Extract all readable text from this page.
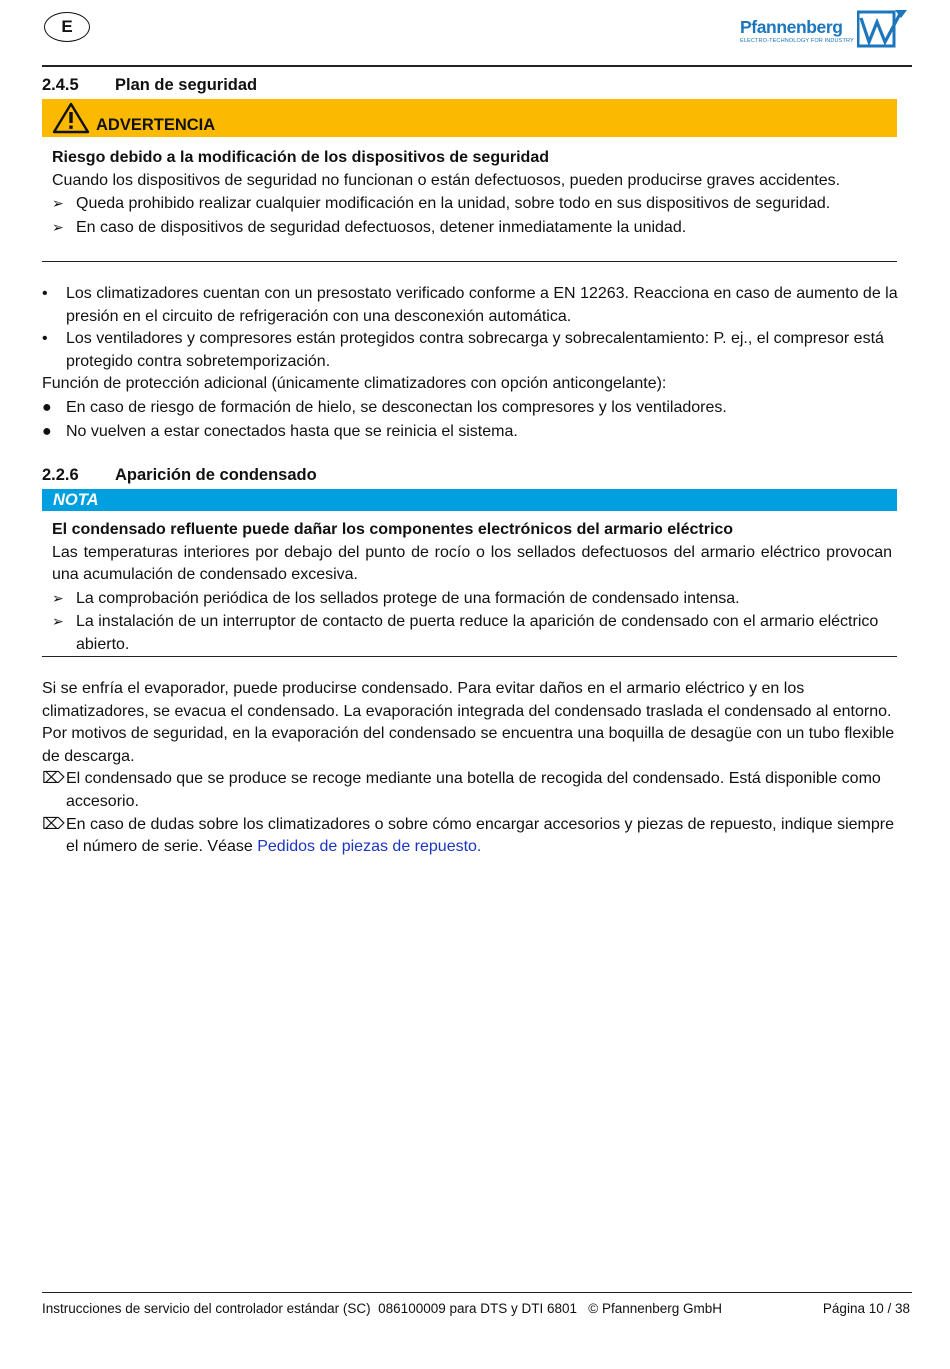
E	Pfannenberg
ELECTRO-TECHNOLOGY FOR INDUSTRY
2.4.5 Plan de seguridad
ADVERTENCIA
Riesgo debido a la modificación de los dispositivos de seguridad
Cuando los dispositivos de seguridad no funcionan o están defectuosos, pueden producirse graves accidentes.
➢ Queda prohibido realizar cualquier modificación en la unidad, sobre todo en sus dispositivos de seguridad.
➢ En caso de dispositivos de seguridad defectuosos, detener inmediatamente la unidad.
•	Los climatizadores cuentan con un presostato verificado conforme a EN 12263. Reacciona en caso de aumento de la presión en el circuito de refrigeración con una desconexión automática.
•	Los ventiladores y compresores están protegidos contra sobrecarga y sobrecalentamiento: P. ej., el compresor está protegido contra sobretemporización.
Función de protección adicional (únicamente climatizadores con opción anticongelante):
● En caso de riesgo de formación de hielo, se desconectan los compresores y los ventiladores.
● No vuelven a estar conectados hasta que se reinicia el sistema.
2.2.6 Aparición de condensado
NOTA
El condensado refluente puede dañar los componentes electrónicos del armario eléctrico
Las temperaturas interiores por debajo del punto de rocío o los sellados defectuosos del armario eléctrico provocan una acumulación de condensado excesiva.
➢ La comprobación periódica de los sellados protege de una formación de condensado intensa.
➢ La instalación de un interruptor de contacto de puerta reduce la aparición de condensado con el armario eléctrico abierto.
Si se enfría el evaporador, puede producirse condensado. Para evitar daños en el armario eléctrico y en los climatizadores, se evacua el condensado. La evaporación integrada del condensado traslada el condensado al entorno. Por motivos de seguridad, en la evaporación del condensado se encuentra una boquilla de desagüe con un tubo flexible de descarga.
⌦ El condensado que se produce se recoge mediante una botella de recogida del condensado. Está disponible como accesorio.
⌦ En caso de dudas sobre los climatizadores o sobre cómo encargar accesorios y piezas de repuesto, indique siempre el número de serie. Véase Pedidos de piezas de repuesto.
Instrucciones de servicio del controlador estándar (SC)  086100009 para DTS y DTI 6801   © Pfannenberg GmbH	Página 10 / 38
